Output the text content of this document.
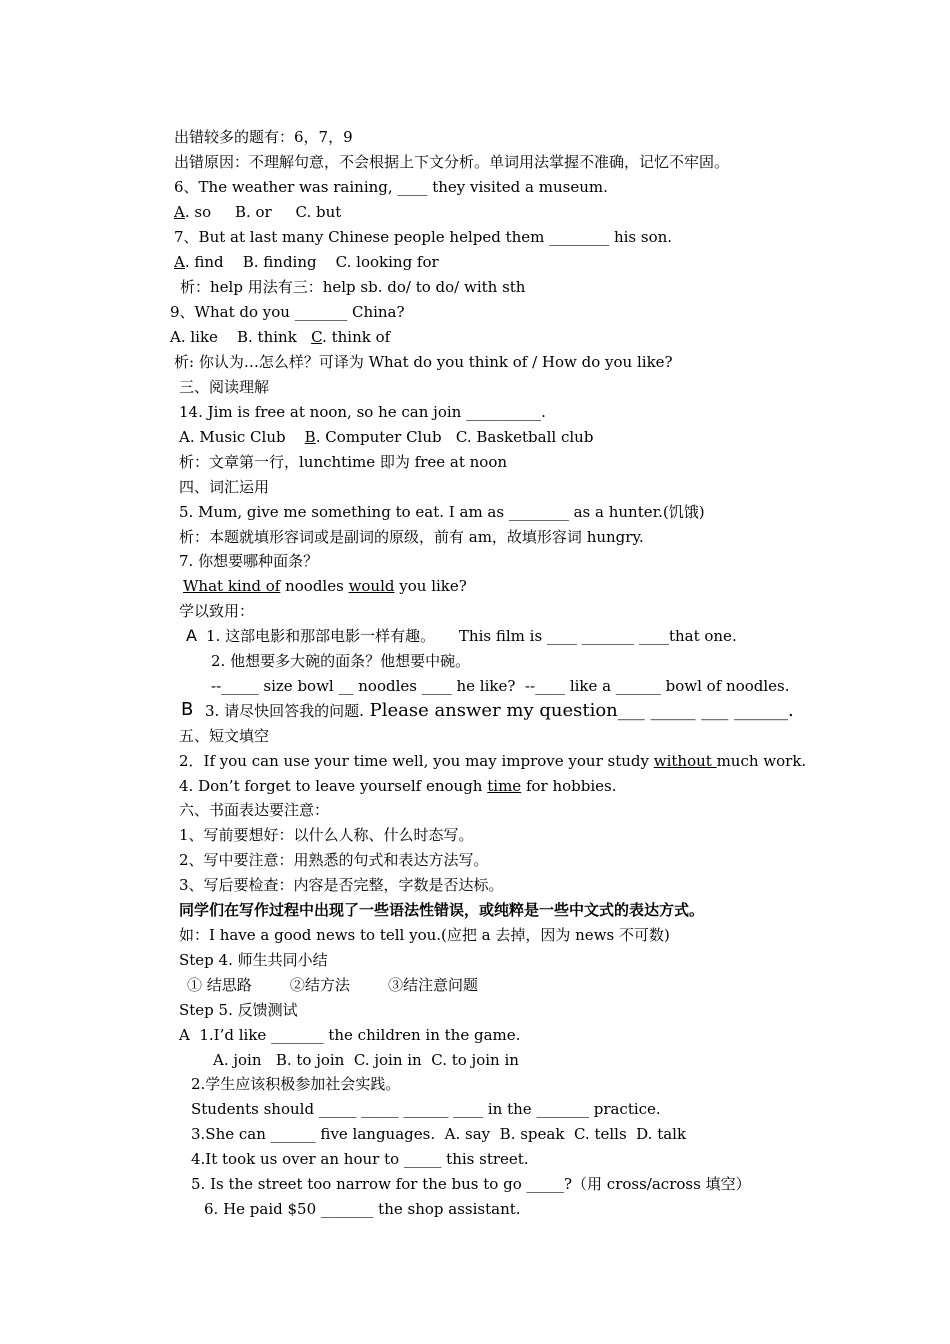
出错较多的题有：6，7，9
出错原因：不理解句意，不会根据上下文分析。单词用法掌握不准确，记忆不牢固。
6、The weather was raining, ____ they visited a museum.
A. so     B. or     C. but
7、But at last many Chinese people helped them ________ his son.
A. find    B. finding    C. looking for
析：help 用法有三：help sb. do/ to do/ with sth
9、What do you _______ China?
A. like    B. think   C. think of
析: 你认为…怎么样？可译为 What do you think of / How do you like?
三、阅读理解
14. Jim is free at noon, so he can join __________.
A. Music Club    B. Computer Club   C. Basketball club
析：文章第一行，lunchtime 即为 free at noon
四、词汇运用
5. Mum, give me something to eat. I am as ________ as a hunter.(饥饿)
析：本题就填形容词或是副词的原级，前有 am，故填形容词 hungry.
7. 你想要哪种面条？
What kind of noodles would you like?
学以致用：
A 1. 这部电影和那部电影一样有趣。     This film is ____ _______ ____that one.
2. 他想要多大碗的面条？他想要中碗。
--_____ size bowl __ noodles ____ he like?  --____ like a ______ bowl of noodles.
B 3. 请尽快回答我的问题. Please answer my question___ _____ ___ ______.
五、短文填空
2．If you can use your time well, you may improve your study without much work.
4. Don’t forget to leave yourself enough time for hobbies.
六、书面表达要注意：
1、写前要想好：以什么人称、什么时态写。
2、写中要注意：用熟悉的句式和表达方法写。
3、写后要检查：内容是否完整，字数是否达标。
同学们在写作过程中出现了一些语法性错误，或纯粹是一些中文式的表达方式。
如：I have a good news to tell you.(应把 a 去掉，因为 news 不可数)
Step 4. 师生共同小结
① 结思路        ②结方法        ③结注意问题
Step 5. 反馈测试
A  1.I’d like _______ the children in the game.
A. join   B. to join  C. join in  C. to join in
2.学生应该积极参加社会实践。
Students should _____ _____ ______ ____ in the _______ practice.
3.She can ______ five languages.  A. say  B. speak  C. tells  D. talk
4.It took us over an hour to _____ this street.
5. Is the street too narrow for the bus to go _____?（用 cross/across 填空）
6. He paid $50 _______ the shop assistant.
